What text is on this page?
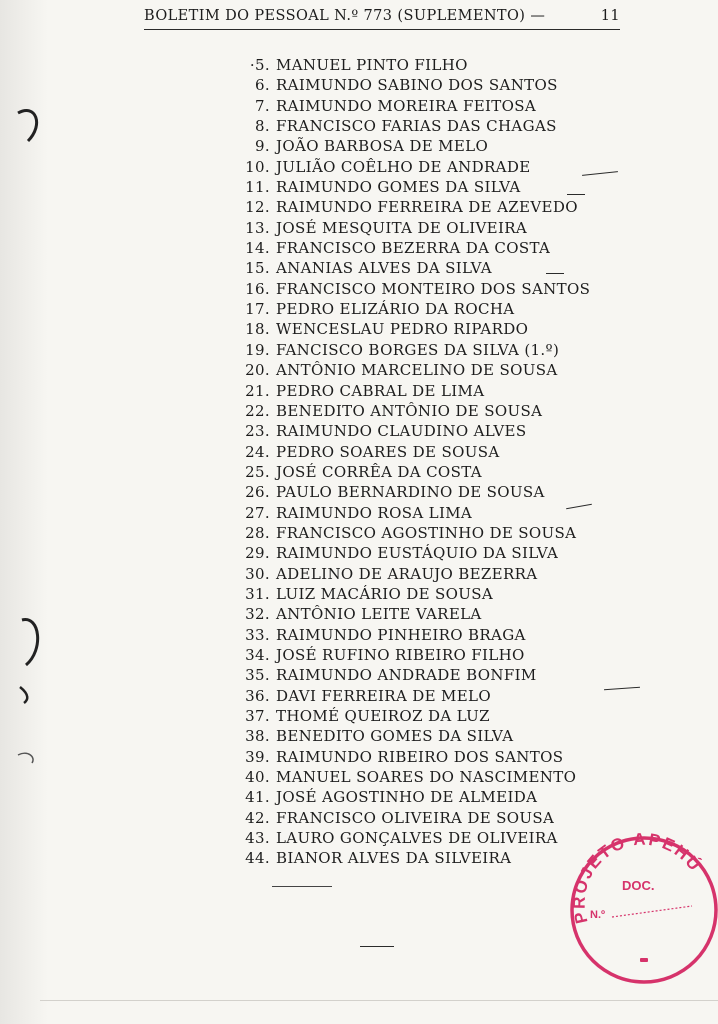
BOLETIM DO PESSOAL N.º 773 (SUPLEMENTO) —	11
·5. MANUEL PINTO FILHO
6. RAIMUNDO SABINO DOS SANTOS
7. RAIMUNDO MOREIRA FEITOSA
8. FRANCISCO FARIAS DAS CHAGAS
9. JOÃO BARBOSA DE MELO
10. JULIÃO COÊLHO DE ANDRADE
11. RAIMUNDO GOMES DA SILVA
12. RAIMUNDO FERREIRA DE AZEVEDO
13. JOSÉ MESQUITA DE OLIVEIRA
14. FRANCISCO BEZERRA DA COSTA
15. ANANIAS ALVES DA SILVA
16. FRANCISCO MONTEIRO DOS SANTOS
17. PEDRO ELIZÁRIO DA ROCHA
18. WENCESLAU PEDRO RIPARDO
19. FANCISCO BORGES DA SILVA (1.º)
20. ANTÔNIO MARCELINO DE SOUSA
21. PEDRO CABRAL DE LIMA
22. BENEDITO ANTÔNIO DE SOUSA
23. RAIMUNDO CLAUDINO ALVES
24. PEDRO SOARES DE SOUSA
25. JOSÉ CORRÊA DA COSTA
26. PAULO BERNARDINO DE SOUSA
27. RAIMUNDO ROSA LIMA
28. FRANCISCO AGOSTINHO DE SOUSA
29. RAIMUNDO EUSTÁQUIO DA SILVA
30. ADELINO DE ARAUJO BEZERRA
31. LUIZ MACÁRIO DE SOUSA
32. ANTÔNIO LEITE VARELA
33. RAIMUNDO PINHEIRO BRAGA
34. JOSÉ RUFINO RIBEIRO FILHO
35. RAIMUNDO ANDRADE BONFIM
36. DAVI FERREIRA DE MELO
37. THOMÉ QUEIROZ DA LUZ
38. BENEDITO GOMES DA SILVA
39. RAIMUNDO RIBEIRO DOS SANTOS
40. MANUEL SOARES DO NASCIMENTO
41. JOSÉ AGOSTINHO DE ALMEIDA
42. FRANCISCO OLIVEIRA DE SOUSA
43. LAURO GONÇALVES DE OLIVEIRA
44. BIANOR ALVES DA SILVEIRA
PROJETO APEHÚ
DOC.
N.º
